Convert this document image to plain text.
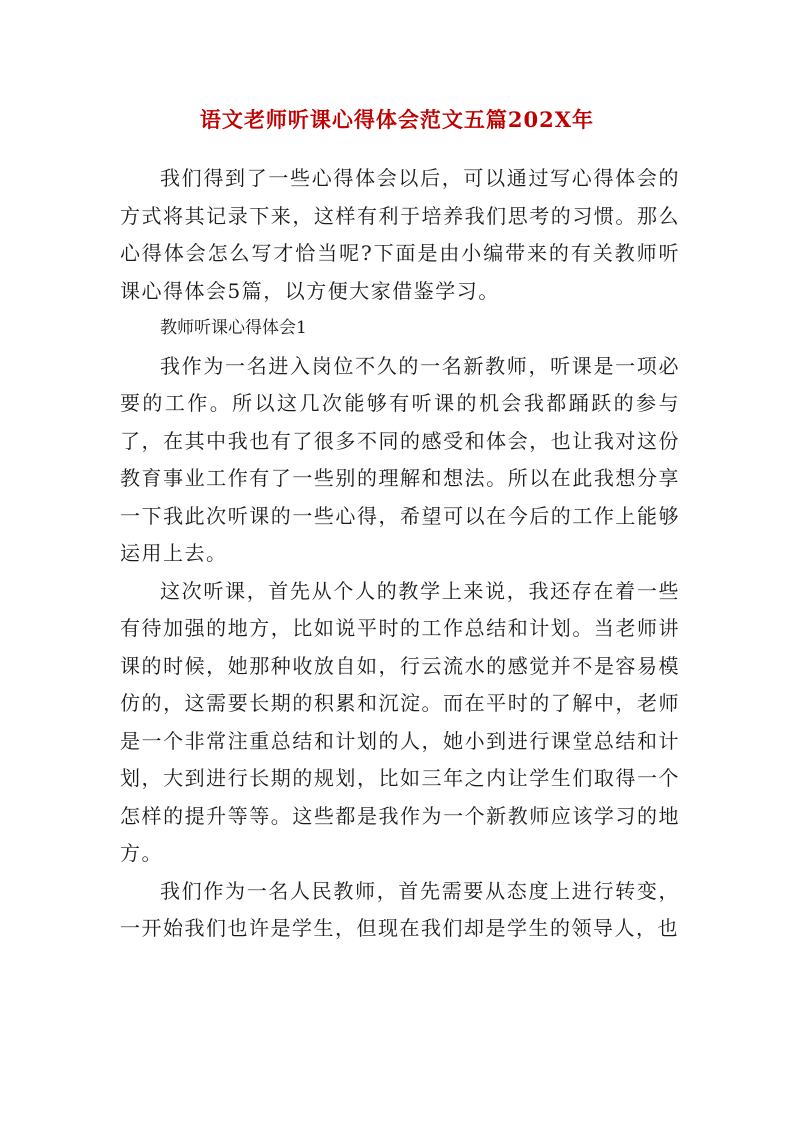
语文老师听课心得体会范文五篇202X年

我们得到了一些心得体会以后，可以通过写心得体会的方式将其记录下来，这样有利于培养我们思考的习惯。那么心得体会怎么写才恰当呢?下面是由小编带来的有关教师听课心得体会5篇，以方便大家借鉴学习。

教师听课心得体会1

我作为一名进入岗位不久的一名新教师，听课是一项必要的工作。所以这几次能够有听课的机会我都踊跃的参与了，在其中我也有了很多不同的感受和体会，也让我对这份教育事业工作有了一些别的理解和想法。所以在此我想分享一下我此次听课的一些心得，希望可以在今后的工作上能够运用上去。

这次听课，首先从个人的教学上来说，我还存在着一些有待加强的地方，比如说平时的工作总结和计划。当老师讲课的时候，她那种收放自如，行云流水的感觉并不是容易模仿的，这需要长期的积累和沉淀。而在平时的了解中，老师是一个非常注重总结和计划的人，她小到进行课堂总结和计划，大到进行长期的规划，比如三年之内让学生们取得一个怎样的提升等等。这些都是我作为一个新教师应该学习的地方。

我们作为一名人民教师，首先需要从态度上进行转变，一开始我们也许是学生，但现在我们却是学生的领导人，也
